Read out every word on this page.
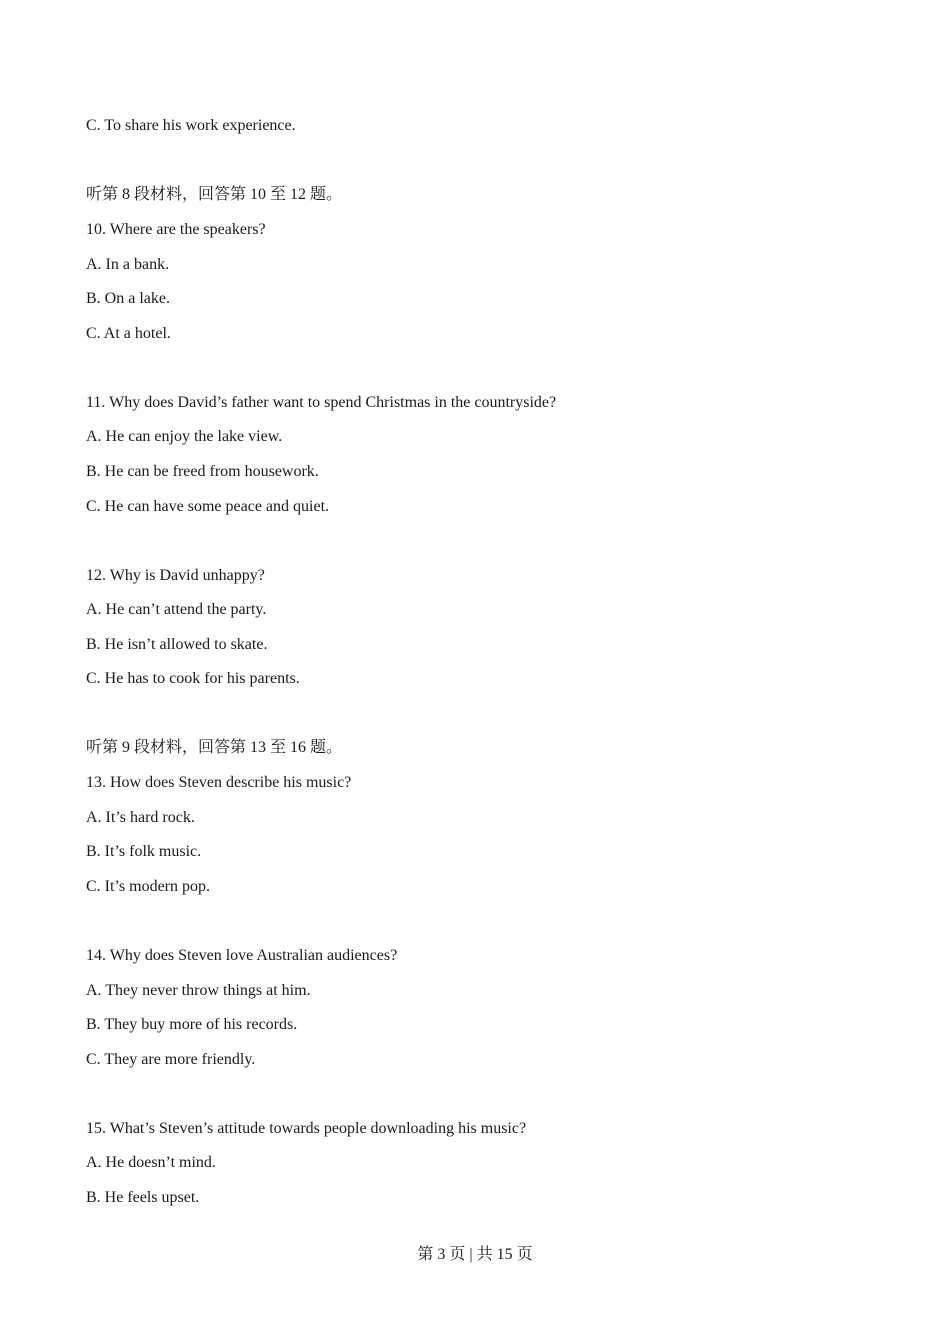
C. To share his work experience.
听第 8 段材料，回答第 10 至 12 题。
10. Where are the speakers?
A. In a bank.
B. On a lake.
C. At a hotel.
11. Why does David’s father want to spend Christmas in the countryside?
A. He can enjoy the lake view.
B. He can be freed from housework.
C. He can have some peace and quiet.
12. Why is David unhappy?
A. He can’t attend the party.
B. He isn’t allowed to skate.
C. He has to cook for his parents.
听第 9 段材料，回答第 13 至 16 题。
13. How does Steven describe his music?
A. It’s hard rock.
B. It’s folk music.
C. It’s modern pop.
14. Why does Steven love Australian audiences?
A. They never throw things at him.
B. They buy more of his records.
C. They are more friendly.
15. What’s Steven’s attitude towards people downloading his music?
A. He doesn’t mind.
B. He feels upset.
第 3 页 | 共 15 页
